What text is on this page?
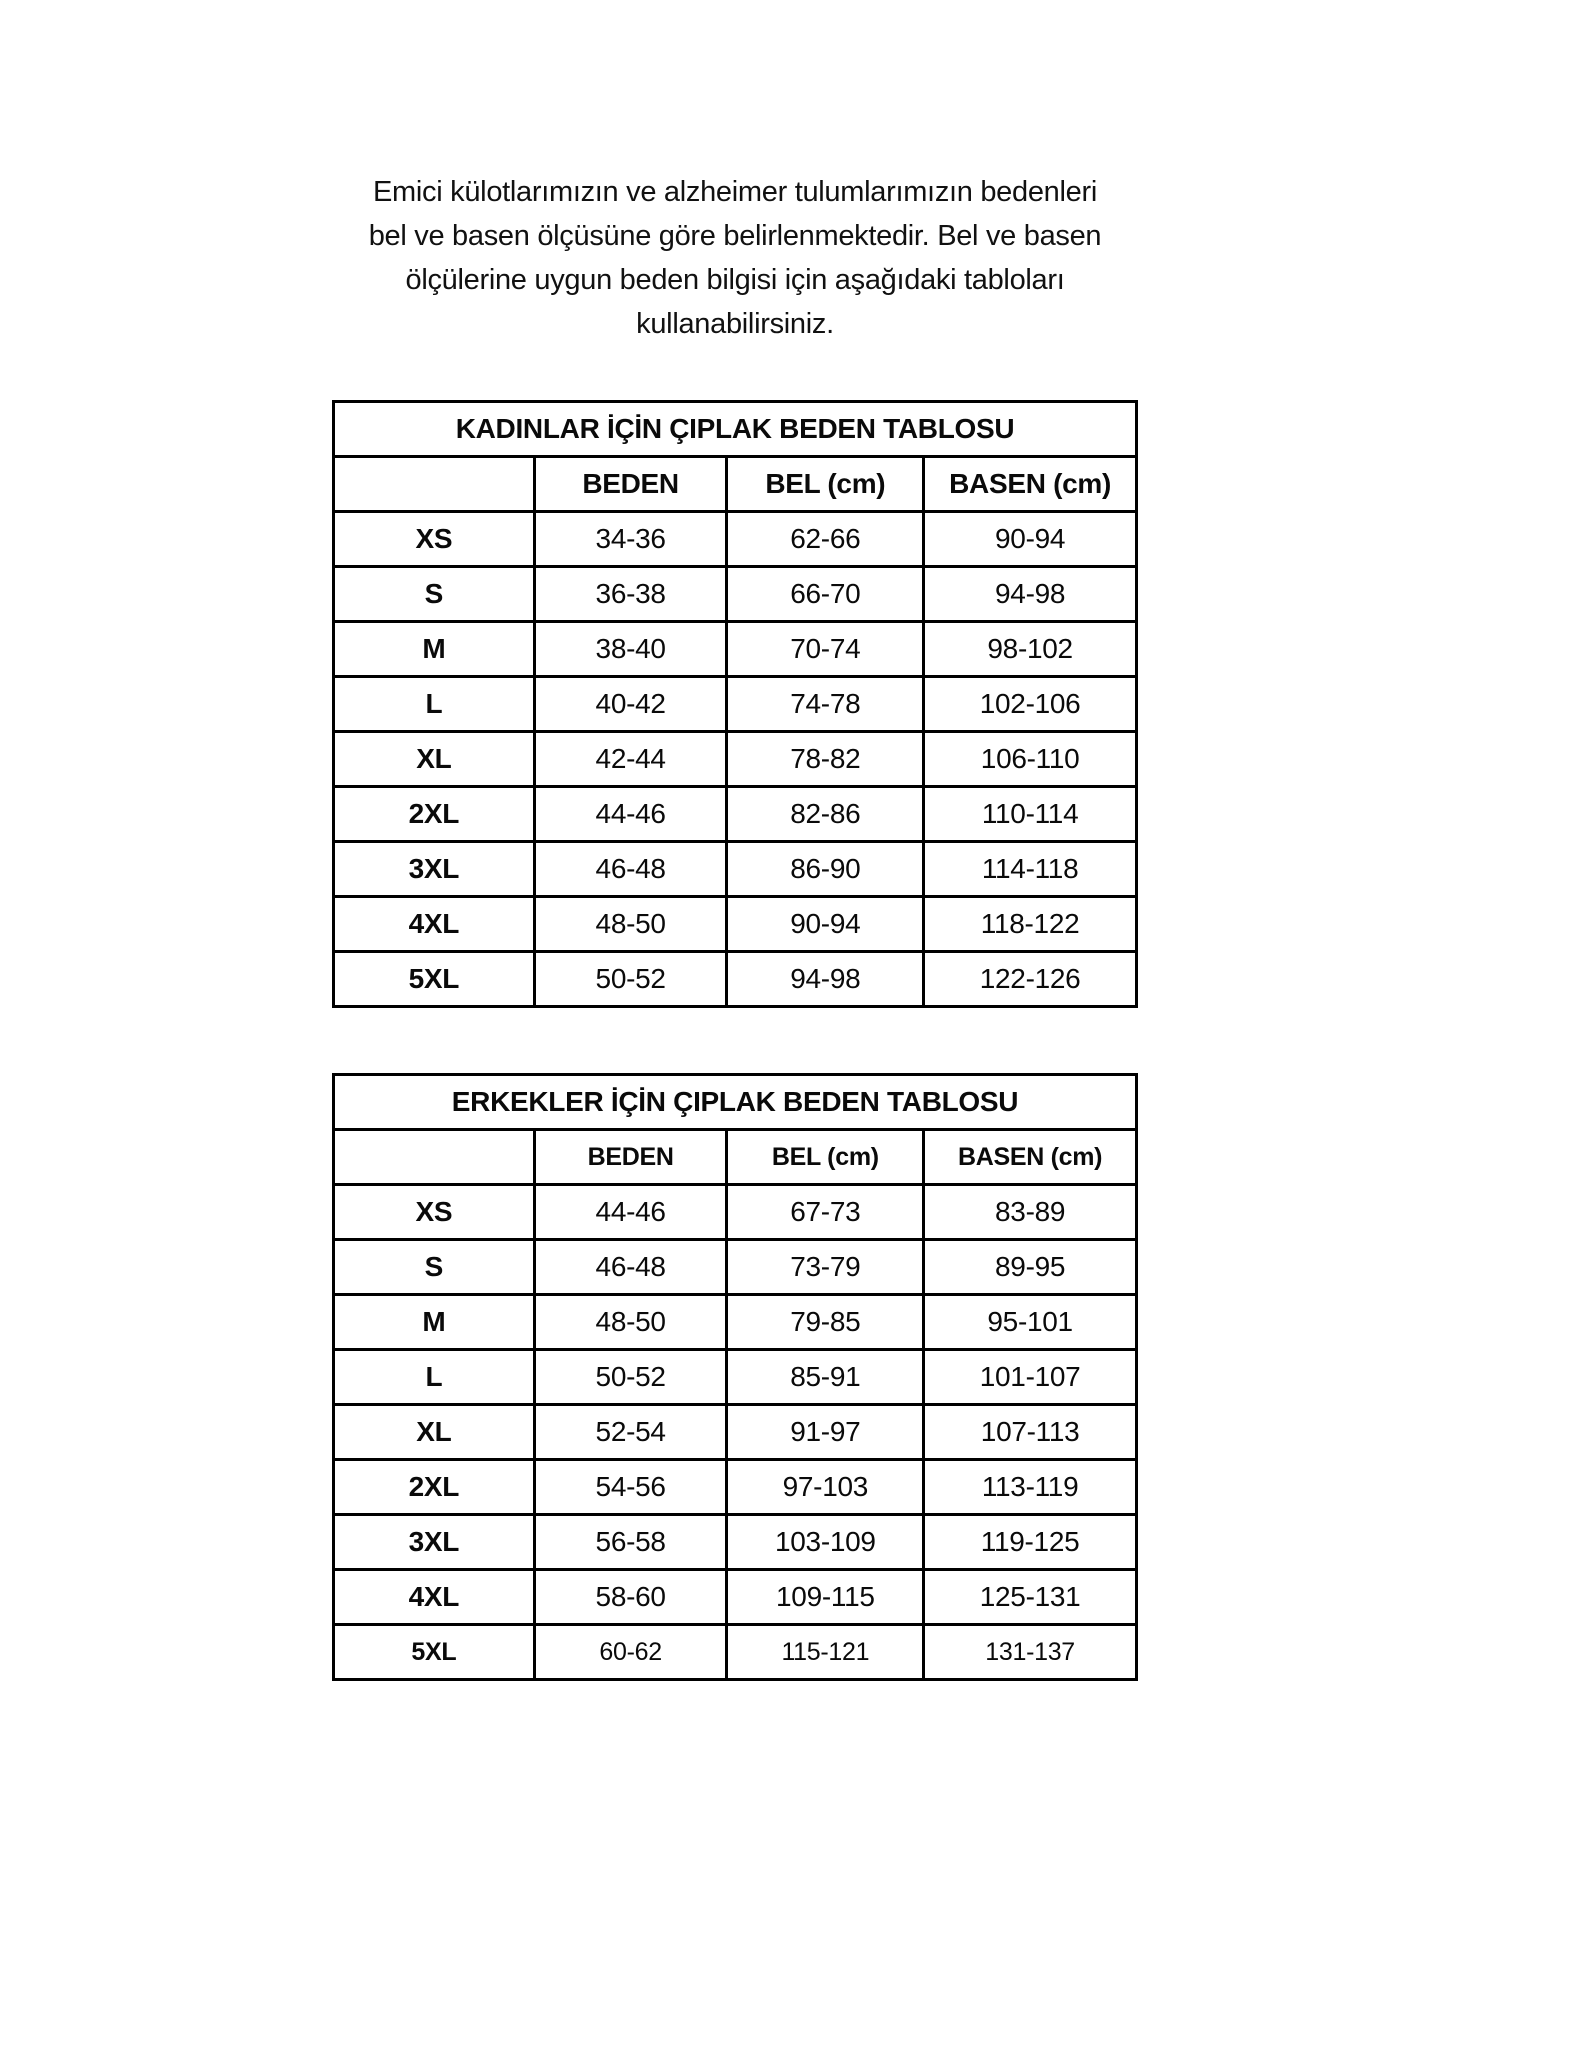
Emici külotlarımızın ve alzheimer tulumlarımızın bedenleri
bel ve basen ölçüsüne göre belirlenmektedir. Bel ve basen
ölçülerine uygun beden bilgisi için aşağıdaki tabloları
kullanabilirsiniz.
KADINLAR İÇİN ÇIPLAK BEDEN TABLOSU			
	BEDEN	BEL (cm)	BASEN (cm)
XS	34-36	62-66	90-94
S	36-38	66-70	94-98
M	38-40	70-74	98-102
L	40-42	74-78	102-106
XL	42-44	78-82	106-110
2XL	44-46	82-86	110-114
3XL	46-48	86-90	114-118
4XL	48-50	90-94	118-122
5XL	50-52	94-98	122-126
ERKEKLER İÇİN ÇIPLAK BEDEN TABLOSU			
	BEDEN	BEL (cm)	BASEN (cm)
XS	44-46	67-73	83-89
S	46-48	73-79	89-95
M	48-50	79-85	95-101
L	50-52	85-91	101-107
XL	52-54	91-97	107-113
2XL	54-56	97-103	113-119
3XL	56-58	103-109	119-125
4XL	58-60	109-115	125-131
5XL	60-62	115-121	131-137
